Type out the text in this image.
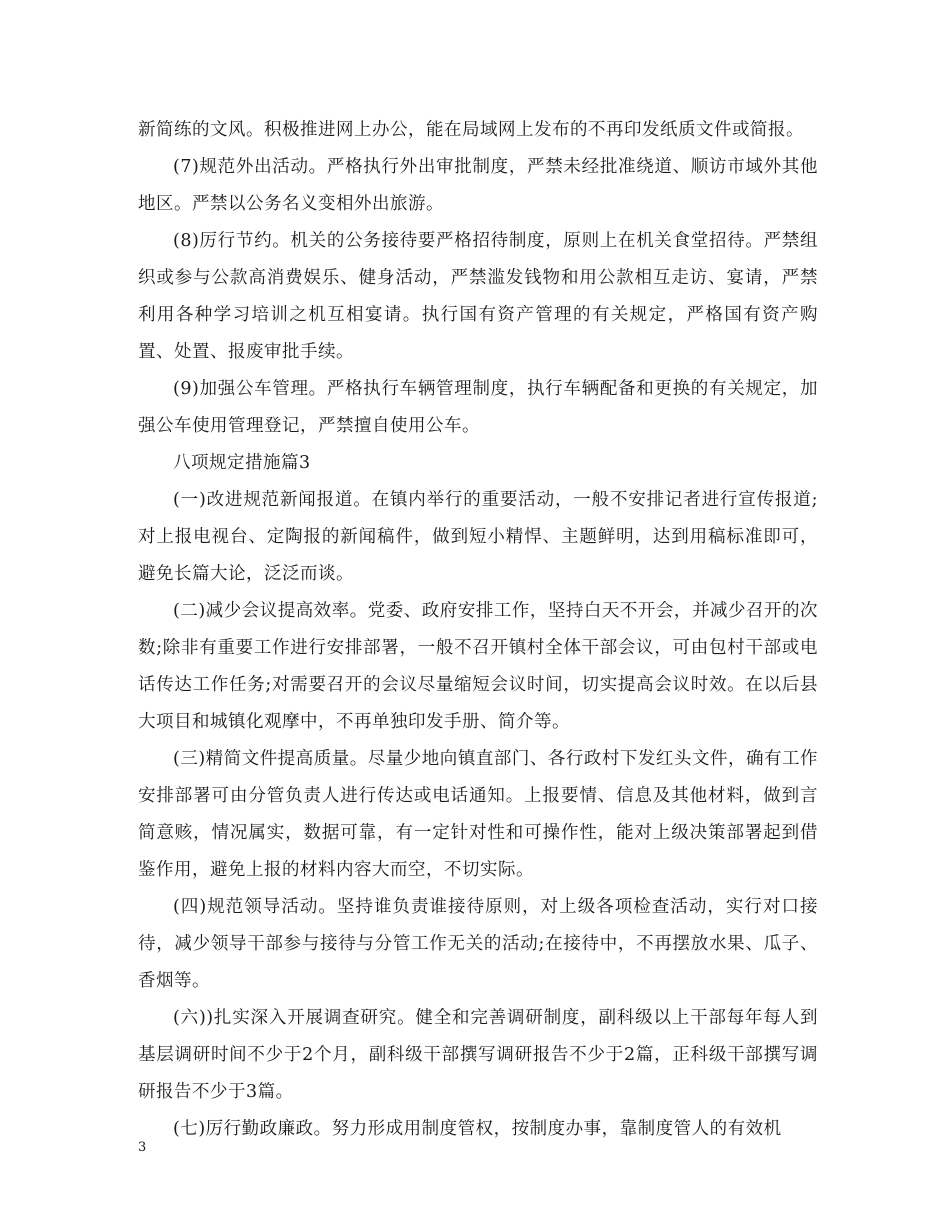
新简练的文风。积极推进网上办公，能在局域网上发布的不再印发纸质文件或简报。

(7)规范外出活动。严格执行外出审批制度，严禁未经批准绕道、顺访市域外其他地区。严禁以公务名义变相外出旅游。

(8)厉行节约。机关的公务接待要严格招待制度，原则上在机关食堂招待。严禁组织或参与公款高消费娱乐、健身活动，严禁滥发钱物和用公款相互走访、宴请，严禁利用各种学习培训之机互相宴请。执行国有资产管理的有关规定，严格国有资产购置、处置、报废审批手续。

(9)加强公车管理。严格执行车辆管理制度，执行车辆配备和更换的有关规定，加强公车使用管理登记，严禁擅自使用公车。

八项规定措施篇3

(一)改进规范新闻报道。在镇内举行的重要活动，一般不安排记者进行宣传报道;对上报电视台、定陶报的新闻稿件，做到短小精悍、主题鲜明，达到用稿标准即可，避免长篇大论，泛泛而谈。

(二)减少会议提高效率。党委、政府安排工作，坚持白天不开会，并减少召开的次数;除非有重要工作进行安排部署，一般不召开镇村全体干部会议，可由包村干部或电话传达工作任务;对需要召开的会议尽量缩短会议时间，切实提高会议时效。在以后县大项目和城镇化观摩中，不再单独印发手册、简介等。

(三)精简文件提高质量。尽量少地向镇直部门、各行政村下发红头文件，确有工作安排部署可由分管负责人进行传达或电话通知。上报要情、信息及其他材料，做到言简意赅，情况属实，数据可靠，有一定针对性和可操作性，能对上级决策部署起到借鉴作用，避免上报的材料内容大而空，不切实际。

(四)规范领导活动。坚持谁负责谁接待原则，对上级各项检查活动，实行对口接待，减少领导干部参与接待与分管工作无关的活动;在接待中，不再摆放水果、瓜子、香烟等。

(六))扎实深入开展调查研究。健全和完善调研制度，副科级以上干部每年每人到基层调研时间不少于2个月，副科级干部撰写调研报告不少于2篇，正科级干部撰写调研报告不少于3篇。

(七)厉行勤政廉政。努力形成用制度管权，按制度办事，靠制度管人的有效机

3
